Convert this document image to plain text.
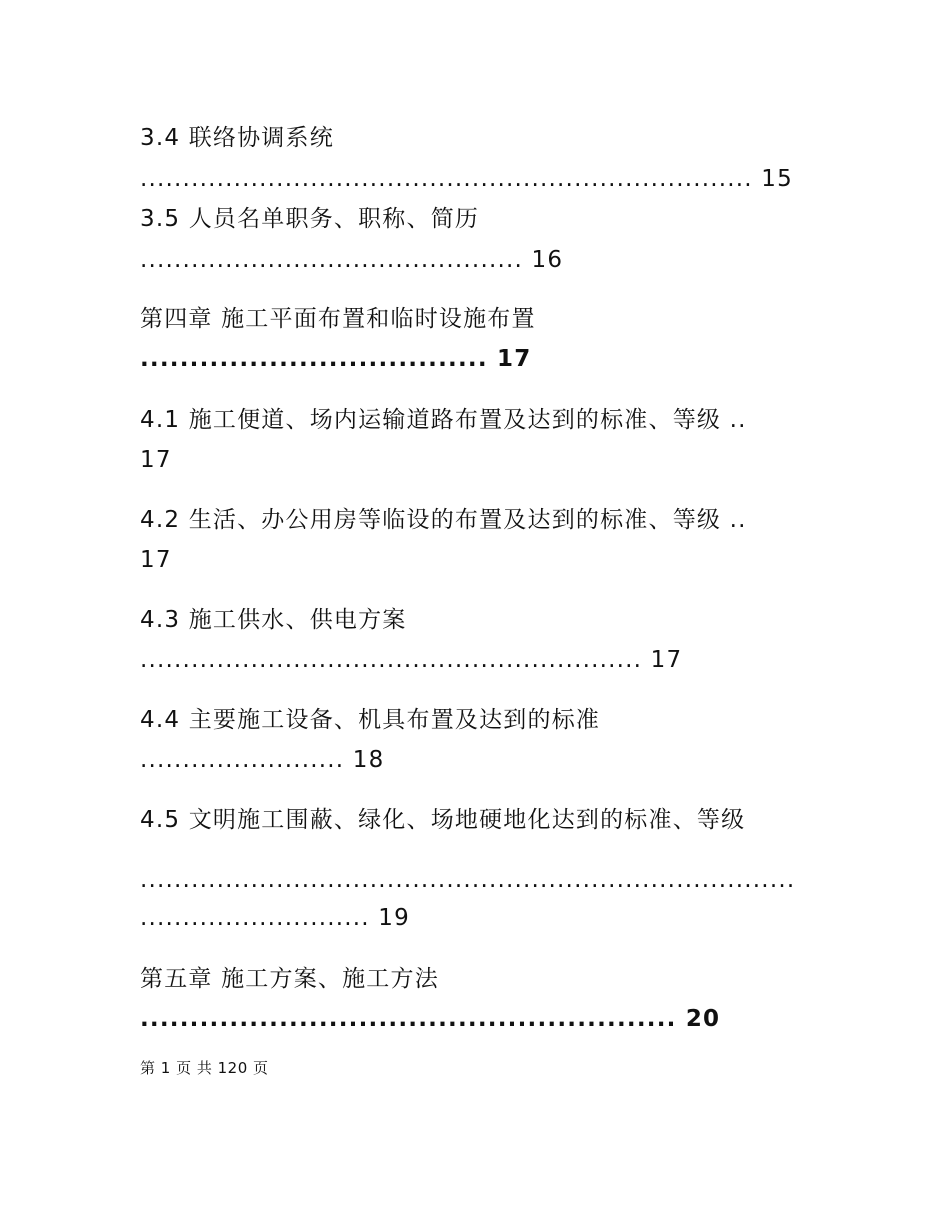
3.4 联络协调系统
........................................................................ 15
3.5 人员名单职务、职称、简历
............................................. 16
第四章 施工平面布置和临时设施布置
................................... 17
4.1 施工便道、场内运输道路布置及达到的标准、等级 ..
17
4.2 生活、办公用房等临设的布置及达到的标准、等级 ..
17
4.3 施工供水、供电方案
........................................................... 17
4.4 主要施工设备、机具布置及达到的标准
........................ 18
4.5 文明施工围蔽、绿化、场地硬地化达到的标准、等级
.............................................................................
........................... 19
第五章 施工方案、施工方法
...................................................... 20
第 1 页 共 120 页
